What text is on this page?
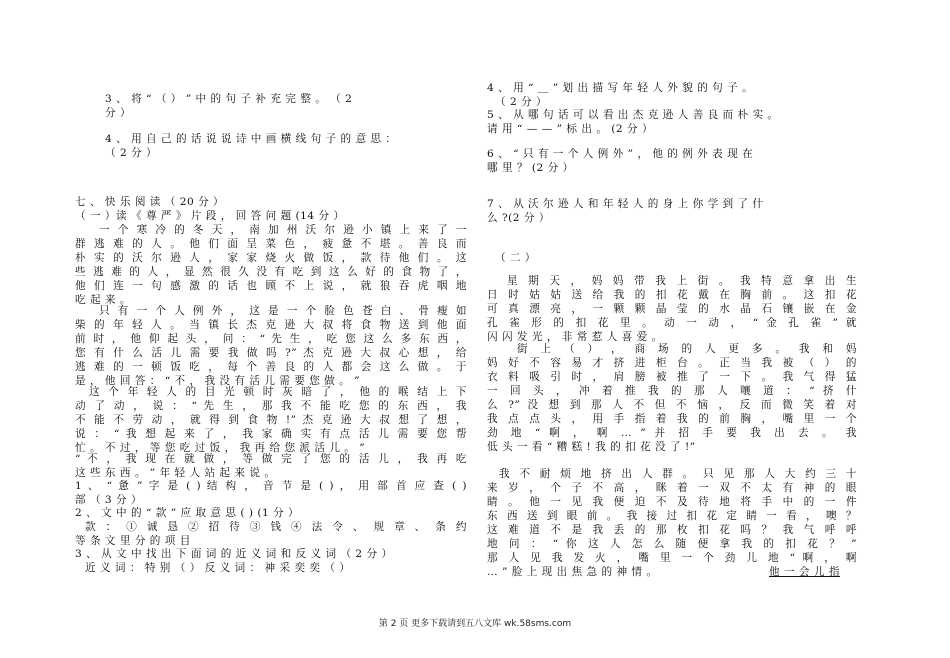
3 、 将 “ （ ） ” 中 的 句 子 补 充 完 整 。 （ 2
分 ）
4 、 用 自 己 的 话 说 说 诗 中 画 横 线 句 子 的 意 思 ：
（ 2 分 ）
七 、 快 乐 阅 读 （ 20 分 ）
（ 一 ）读 《 尊 严 》 片 段 ， 回 答 问 题 (14 分 ）
一 个 寒 冷 的 冬 天 ， 南 加 州 沃 尔 逊 小 镇 上 来 了 一
群 逃 难 的 人 。 他 们 面 呈 菜 色 ， 疲 惫 不 堪 。 善 良 而
朴 实 的 沃 尔 逊 人 ， 家 家 烧 火 做 饭 ， 款 待 他 们 。 这
些 逃 难 的 人 ， 显 然 很 久 没 有 吃 到 这 么 好 的 食 物 了 ，
他 们 连 一 句 感 激 的 话 也 顾 不 上 说 ， 就 狼 吞 虎 咽 地
吃 起 来 。
只 有 一 个 人 例 外 ， 这 是 一 个 脸 色 苍 白 、 骨 瘦 如
柴 的 年 轻 人 。 当 镇 长 杰 克 逊 大 叔 将 食 物 送 到 他 面
前 时 ， 他 仰 起 头 ， 问 ： “ 先 生 ， 吃 您 这 么 多 东 西 ，
您 有 什 么 活 儿 需 要 我 做 吗 ?” 杰 克 逊 大 叔 心 想 ， 给
逃 难 的 一 顿 饭 吃 ， 每 个 善 良 的 人 都 会 这 么 做 。 于
是 ， 他 回 答 ： “ 不 ， 我 没 有 活 儿 需 要 您 做 。 ”
这 个 年 轻 人 的 目 光 顿 时 灰 暗 了 ， 他 的 喉 结 上 下
动 了 动 ， 说 ： “ 先 生 ， 那 我 不 能 吃 您 的 东 西 ， 我
不 能 不 劳 动 ， 就 得 到 食 物 !” 杰 克 逊 大 叔 想 了 想 ，
说 ： “ 我 想 起 来 了 ， 我 家 确 实 有 点 活 儿 需 要 您 帮
忙 。 不 过 ， 等 您 吃 过 饭 ， 我 再 给 您 派 活 儿 。 ”
“ 不 ， 我 现 在 就 做 ， 等 做 完 了 您 的 活 儿 ， 我 再 吃
这 些 东 西 。 ” 年 轻 人 站 起 来 说 。
1 、 “ 惫 ” 字 是 ( ) 结 构 ， 音 节 是 ( ) ， 用 部 首 应 查 ( )
部 （ 3 分 ）
2 、 文 中 的 “ 款 ” 应 取 意 思 ( ) (1 分 ）
款 ： ① 诚 恳 ② 招 待 ③ 钱 ④ 法 令 、 规 章 、 条 约
等 条 文 里 分 的 项 目
3 、 从 文 中 找 出 下 面 词 的 近 义 词 和 反 义 词 （ 2 分 ）
近 义 词 ： 特 别 （ ） 反 义 词 ： 神 采 奕 奕 （ ）
4 、 用 “ ＿ ” 划 出 描 写 年 轻 人 外 貌 的 句 子 。
（ 2 分 ）
5 、 从 哪 句 话 可 以 看 出 杰 克 逊 人 善 良 而 朴 实 。
请 用 “ — — ” 标 出 。 (2 分 ）
6 、 “ 只 有 一 个 人 例 外 ” ， 他 的 例 外 表 现 在
哪 里 ？ (2 分 ）
7 、 从 沃 尔 逊 人 和 年 轻 人 的 身 上 你 学 到 了 什
么 ?(2 分 ）
（ 二 ）
星 期 天 ， 妈 妈 带 我 上 街 。 我 特 意 拿 出 生
日 时 姑 姑 送 给 我 的 扣 花 戴 在 胸 前 。 这 扣 花
可 真 漂 亮 ， 一 颗 颗 晶 莹 的 水 晶 石 镶 嵌 在 金
孔 雀 形 的 扣 花 里 。 动 一 动 ， “ 金 孔 雀 ” 就
闪 闪 发 光 ， 非 常 惹 人 喜 爱 。
街 上 （ ） ， 商 场 的 人 更 多 。 我 和 妈
妈 好 不 容 易 才 挤 进 柜 台 。 正 当 我 被 （ ） 的
衣 料 吸 引 时 ， 肩 膀 被 推 了 一 下 。 我 气 得 猛
一 回 头 ， 冲 着 推 我 的 那 人 嚷 道 ： “ 挤 什
么 ?” 没 想 到 那 人 不 但 不 恼 ， 反 而 微 笑 着 对
我 点 点 头 ， 用 手 指 着 我 的 前 胸 ， 嘴 里 一 个
劲 地 “ 啊 ， 啊 … ” 并 招 手 要 我 出 去 。 我
低 头 一 看 “ 糟 糕 ! 我 的 扣 花 没 了 !”
我 不 耐 烦 地 挤 出 人 群 。 只 见 那 人 大 约 三 十
来 岁 ， 个 子 不 高 ， 眯 着 一 双 不 太 有 神 的 眼
睛 。 他 一 见 我 便 迫 不 及 待 地 将 手 中 的 一 件
东 西 送 到 眼 前 。 我 接 过 扣 花 定 睛 一 看 ， 噢 ？
这 难 道 不 是 我 丢 的 那 枚 扣 花 吗 ？ 我 气 呼 呼
地 问 ： “ 你 这 人 怎 么 随 便 拿 我 的 扣 花 ？ ”
那 人 见 我 发 火 ， 嘴 里 一 个 劲 儿 地 “ 啊 ， 啊
… ” 脸 上 现 出 焦 急 的 神 情 。	他 一 会 儿 指
第 2 页 更多下载请到五八文库 wk.58sms.com
